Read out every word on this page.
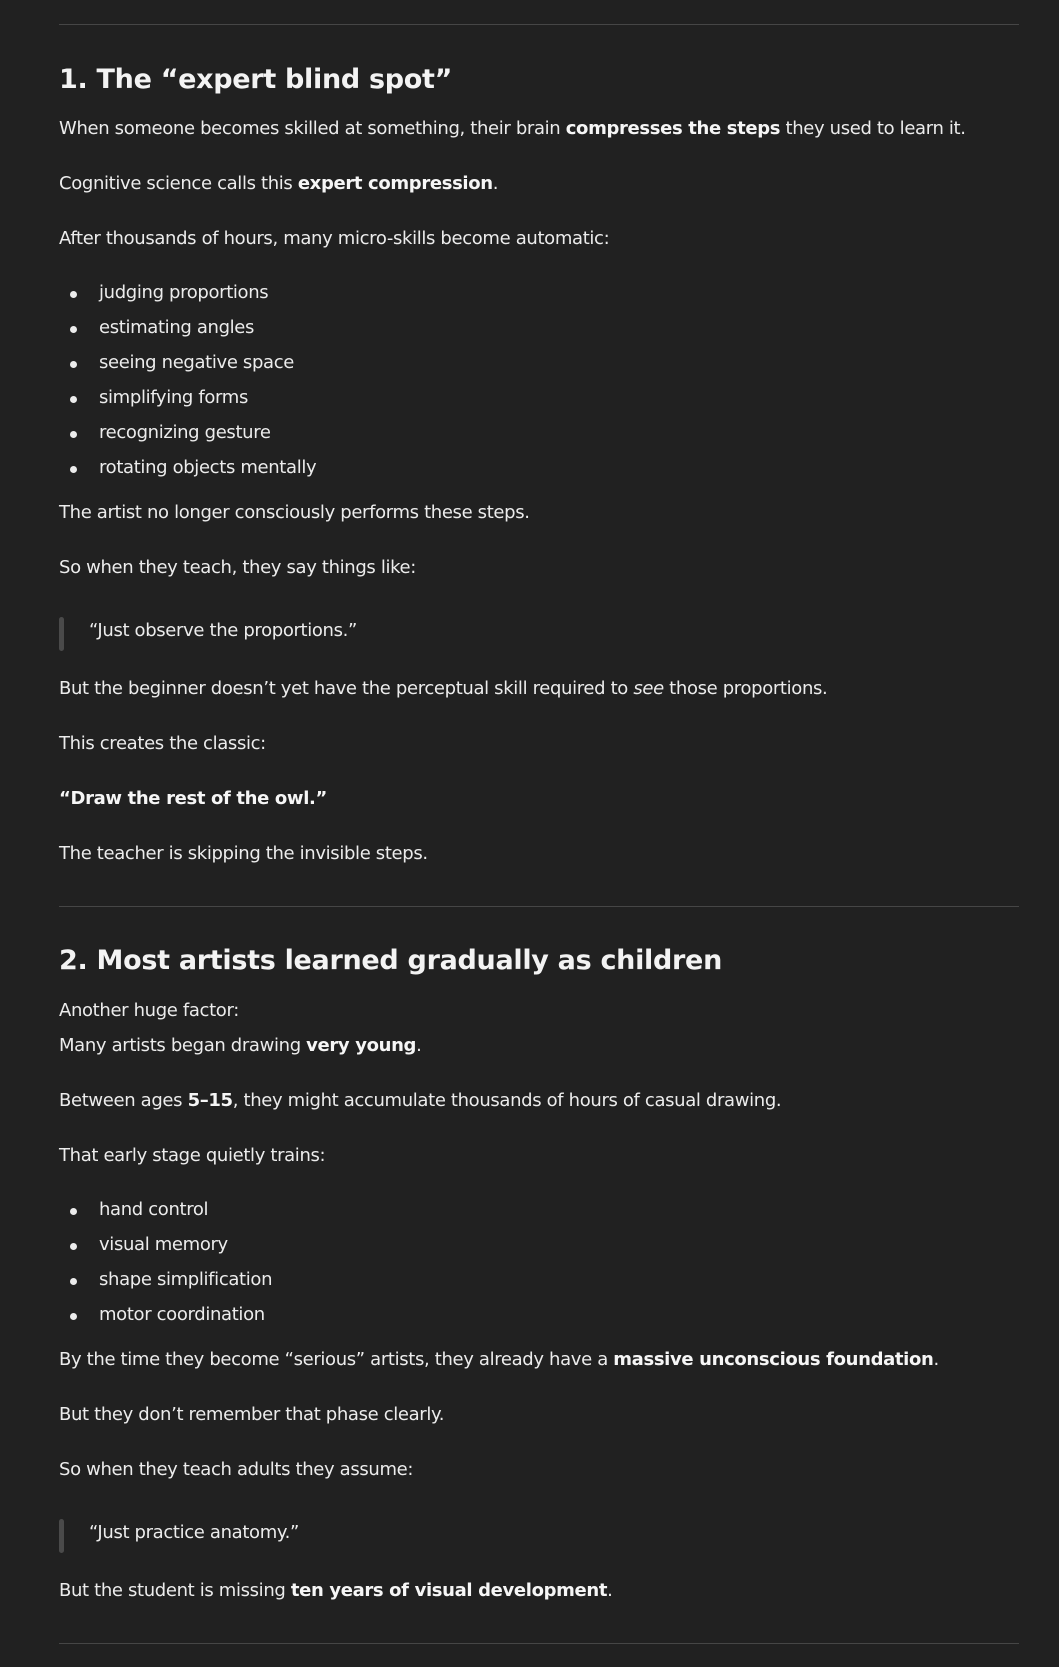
1. The “expert blind spot”
When someone becomes skilled at something, their brain compresses the steps they used to learn it.
Cognitive science calls this expert compression.
After thousands of hours, many micro-skills become automatic:
judging proportions
estimating angles
seeing negative space
simplifying forms
recognizing gesture
rotating objects mentally
The artist no longer consciously performs these steps.
So when they teach, they say things like:
“Just observe the proportions.”
But the beginner doesn’t yet have the perceptual skill required to see those proportions.
This creates the classic:
“Draw the rest of the owl.”
The teacher is skipping the invisible steps.
2. Most artists learned gradually as children
Another huge factor:
Many artists began drawing very young.
Between ages 5–15, they might accumulate thousands of hours of casual drawing.
That early stage quietly trains:
hand control
visual memory
shape simplification
motor coordination
By the time they become “serious” artists, they already have a massive unconscious foundation.
But they don’t remember that phase clearly.
So when they teach adults they assume:
“Just practice anatomy.”
But the student is missing ten years of visual development.
